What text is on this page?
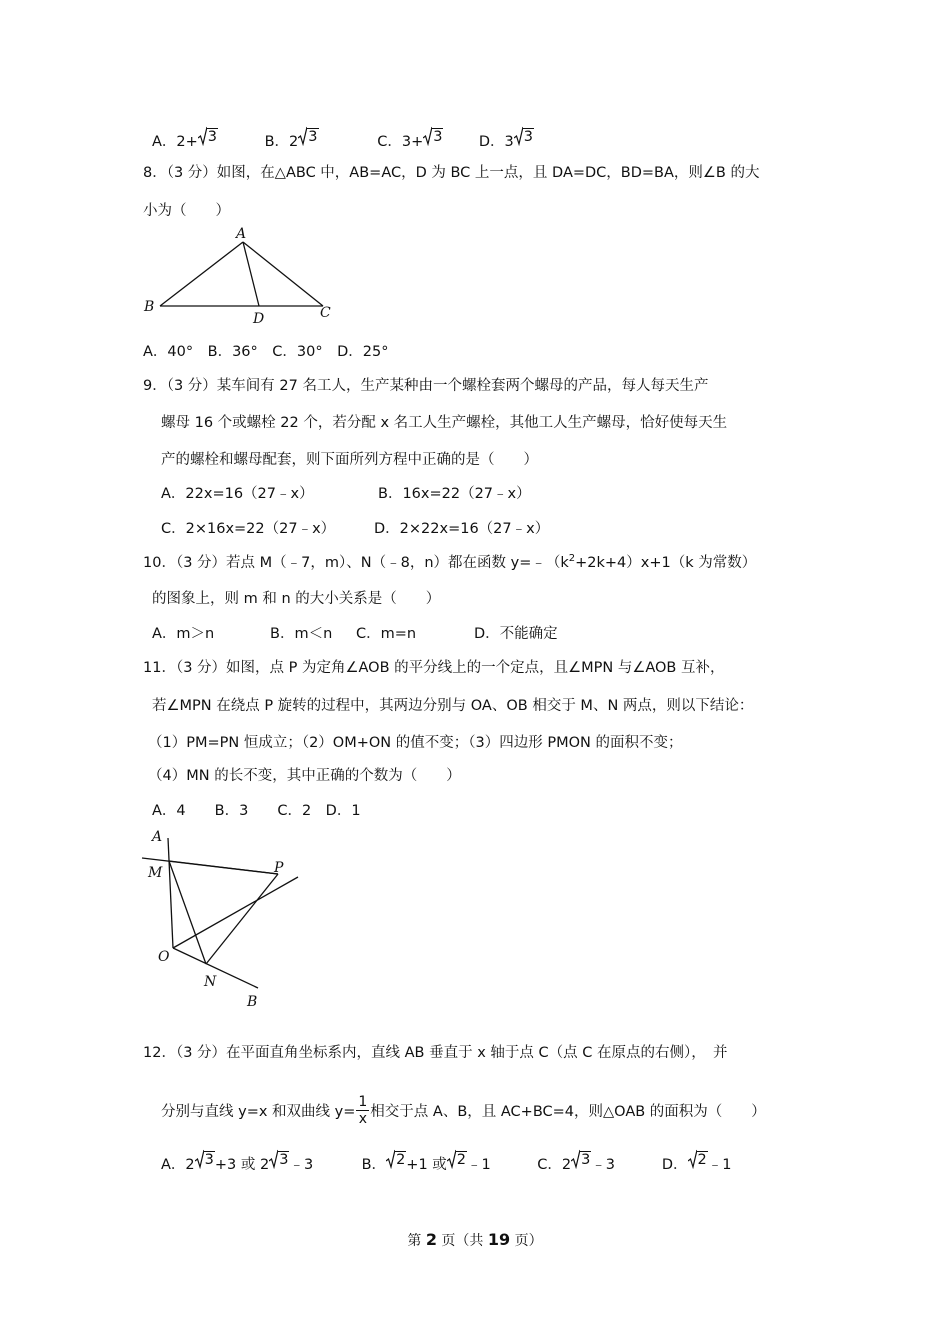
A．2+ 3	B．2 3	C．3+ 3	D．3 3
8．（3 分）如图，在△ABC 中，AB=AC，D 为 BC 上一点，且 DA=DC，BD=BA，则∠B 的大
小为（　　）
A
B
D	C
A．40°　B．36°　C．30°　D．25°
9．（3 分）某车间有 27 名工人，生产某种由一个螺栓套两个螺母的产品，每人每天生产
螺母 16 个或螺栓 22 个，若分配 x 名工人生产螺栓，其他工人生产螺母，恰好使每天生
产的螺栓和螺母配套，则下面所列方程中正确的是（　　）
A．22x=16（27﹣x）	B．16x=22（27﹣x）
C．2×16x=22（27﹣x）	D．2×22x=16（27﹣x）
10．（3 分）若点 M（﹣7，m）、N（﹣8，n）都在函数 $y=﹣(k^2+2k+4)x+1(k$ 为常数）
的图象上，则 m 和 n 的大小关系是（　　）
A．m＞n	B．m＜n C．m=n	D．不能确定
11．（3 分）如图，点 P 为定角∠AOB 的平分线上的一个定点，且∠MPN 与∠AOB 互补，
若∠MPN 在绕点 P 旋转的过程中，其两边分别与 OA、OB 相交于 M、N 两点，则以下结论：
（1）PM=PN 恒成立；（2）OM+ON 的值不变；（3）四边形 PMON 的面积不变；
（4）MN 的长不变，其中正确的个数为（　　）
A．4　　B．3　　C．2　D．1
A
M	P
O
N
B
12．（3 分）在平面直角坐标系内，直线 AB 垂直于 x 轴于点 C（点 C 在原点的右侧），　并
分别与直线 y=x 和双曲线 $y= \frac{1}{x}$ 相交于点 A、B，且 AC+BC=4，则△OAB 的面积为（　　）
A．2 3 +3 或 2 3 ﹣3	B． 2 +1 或 2 ﹣1	C．2 3 ﹣3	D． 2 ﹣1
第 2 页（共 19 页）
